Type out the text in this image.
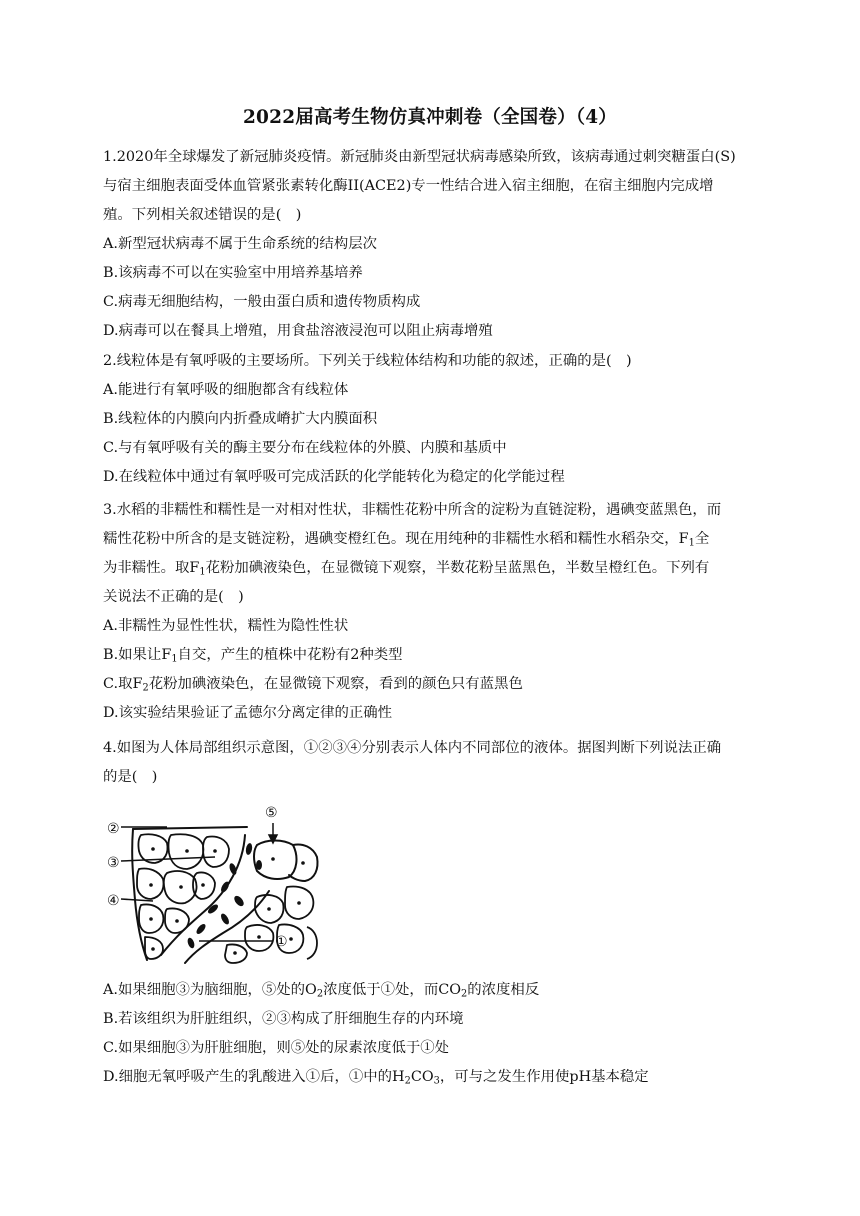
2022届高考生物仿真冲刺卷（全国卷）（4）
1.2020年全球爆发了新冠肺炎疫情。新冠肺炎由新型冠状病毒感染所致，该病毒通过刺突糖蛋白(S)
与宿主细胞表面受体血管紧张素转化酶II(ACE2)专一性结合进入宿主细胞，在宿主细胞内完成增
殖。下列相关叙述错误的是(　)
A.新型冠状病毒不属于生命系统的结构层次
B.该病毒不可以在实验室中用培养基培养
C.病毒无细胞结构，一般由蛋白质和遗传物质构成
D.病毒可以在餐具上增殖，用食盐溶液浸泡可以阻止病毒增殖
2.线粒体是有氧呼吸的主要场所。下列关于线粒体结构和功能的叙述，正确的是(　)
A.能进行有氧呼吸的细胞都含有线粒体
B.线粒体的内膜向内折叠成嵴扩大内膜面积
C.与有氧呼吸有关的酶主要分布在线粒体的外膜、内膜和基质中
D.在线粒体中通过有氧呼吸可完成活跃的化学能转化为稳定的化学能过程
3.水稻的非糯性和糯性是一对相对性状，非糯性花粉中所含的淀粉为直链淀粉，遇碘变蓝黑色，而
糯性花粉中所含的是支链淀粉，遇碘变橙红色。现在用纯种的非糯性水稻和糯性水稻杂交，$F_1$全
为非糯性。取$F_1$花粉加碘液染色，在显微镜下观察，半数花粉呈蓝黑色，半数呈橙红色。下列有
关说法不正确的是(　)
A.非糯性为显性性状，糯性为隐性性状
B.如果让$F_1$自交，产生的植株中花粉有2种类型
C.取$F_2$花粉加碘液染色，在显微镜下观察，看到的颜色只有蓝黑色
D.该实验结果验证了孟德尔分离定律的正确性
4.如图为人体局部组织示意图，①②③④分别表示人体内不同部位的液体。据图判断下列说法正确
的是(　)
②
③
④
①
⑤
A.如果细胞③为脑细胞，⑤处的$O_2$浓度低于①处，而$CO_2$的浓度相反
B.若该组织为肝脏组织，②③构成了肝细胞生存的内环境
C.如果细胞③为肝脏细胞，则⑤处的尿素浓度低于①处
D.细胞无氧呼吸产生的乳酸进入①后，①中的$H_2CO_3$，可与之发生作用使pH基本稳定
